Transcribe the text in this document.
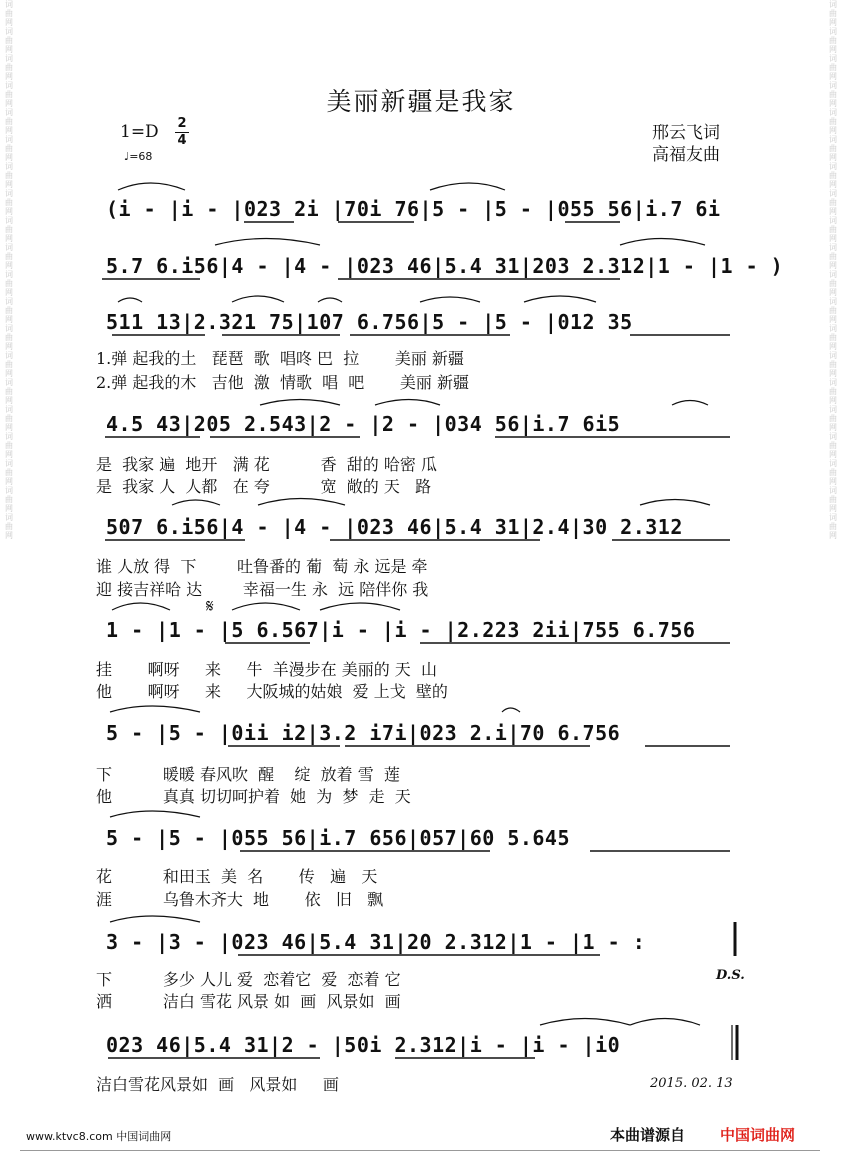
词曲网词曲网词曲网词曲网词曲网词曲网词曲网词曲网词曲网词曲网词曲网词曲网词曲网词曲网词曲网词曲网词曲网词曲网词曲网词曲网
词曲网词曲网词曲网词曲网词曲网词曲网词曲网词曲网词曲网词曲网词曲网词曲网词曲网词曲网词曲网词曲网词曲网词曲网词曲网词曲网
美丽新疆是我家
1=D 2
4
♩=68
邢云飞词
高福友曲
(i - |i - |023 2i |70i 76|5 - |5 - |055 56|i.7 6i
5.7 6.i56|4 - |4 - |023 46|5.4 31|203 2.312|1 - |1 - )
511 13|2.321 75|107 6.756|5 - |5 - |012 35
1.弹 起我的土   琵琶  歌  唱咚 巴  拉       美丽 新疆
2.弹 起我的木   吉他  激  情歌  唱  吧       美丽 新疆
4.5 43|205 2.543|2 - |2 - |034 56|i.7 6i5
是  我家 遍  地开   满 花          香  甜的 哈密 瓜
是  我家 人  人都   在 夸          宽  敞的 天   路
507 6.i56|4 - |4 - |023 46|5.4 31|2.4|30 2.312
谁 人放 得  下        吐鲁番的 葡  萄 永 远是 牵
迎 接吉祥哈 达        幸福一生 永  远 陪伴你 我
1 - |1 - |5 6.567|i - |i - |2.223 2ii|755 6.756
挂       啊呀     来     牛  羊漫步在 美丽的 天  山
他       啊呀     来     大阪城的姑娘  爱 上戈  壁的
5 - |5 - |0ii i2|3.2 i7i|023 2.i|70 6.756
下          暖暖 春风吹  醒    绽  放着 雪  莲
他          真真 切切呵护着  她  为  梦  走  天
5 - |5 - |055 56|i.7 656|057|60 5.645
花          和田玉  美  名       传   遍   天
涯          乌鲁木齐大  地       依   旧   飘
3 - |3 - |023 46|5.4 31|20 2.312|1 - |1 - :
下          多少 人儿 爱  恋着它  爱  恋着 它
洒          洁白 雪花 风景 如  画  风景如  画
023 46|5.4 31|2 - |50i 2.312|i - |i - |i0
洁白雪花风景如  画   风景如     画
D.S.
2015. 02. 13
www.ktvc8.com 中国词曲网	本曲谱源自 中国词曲网
𝄋
